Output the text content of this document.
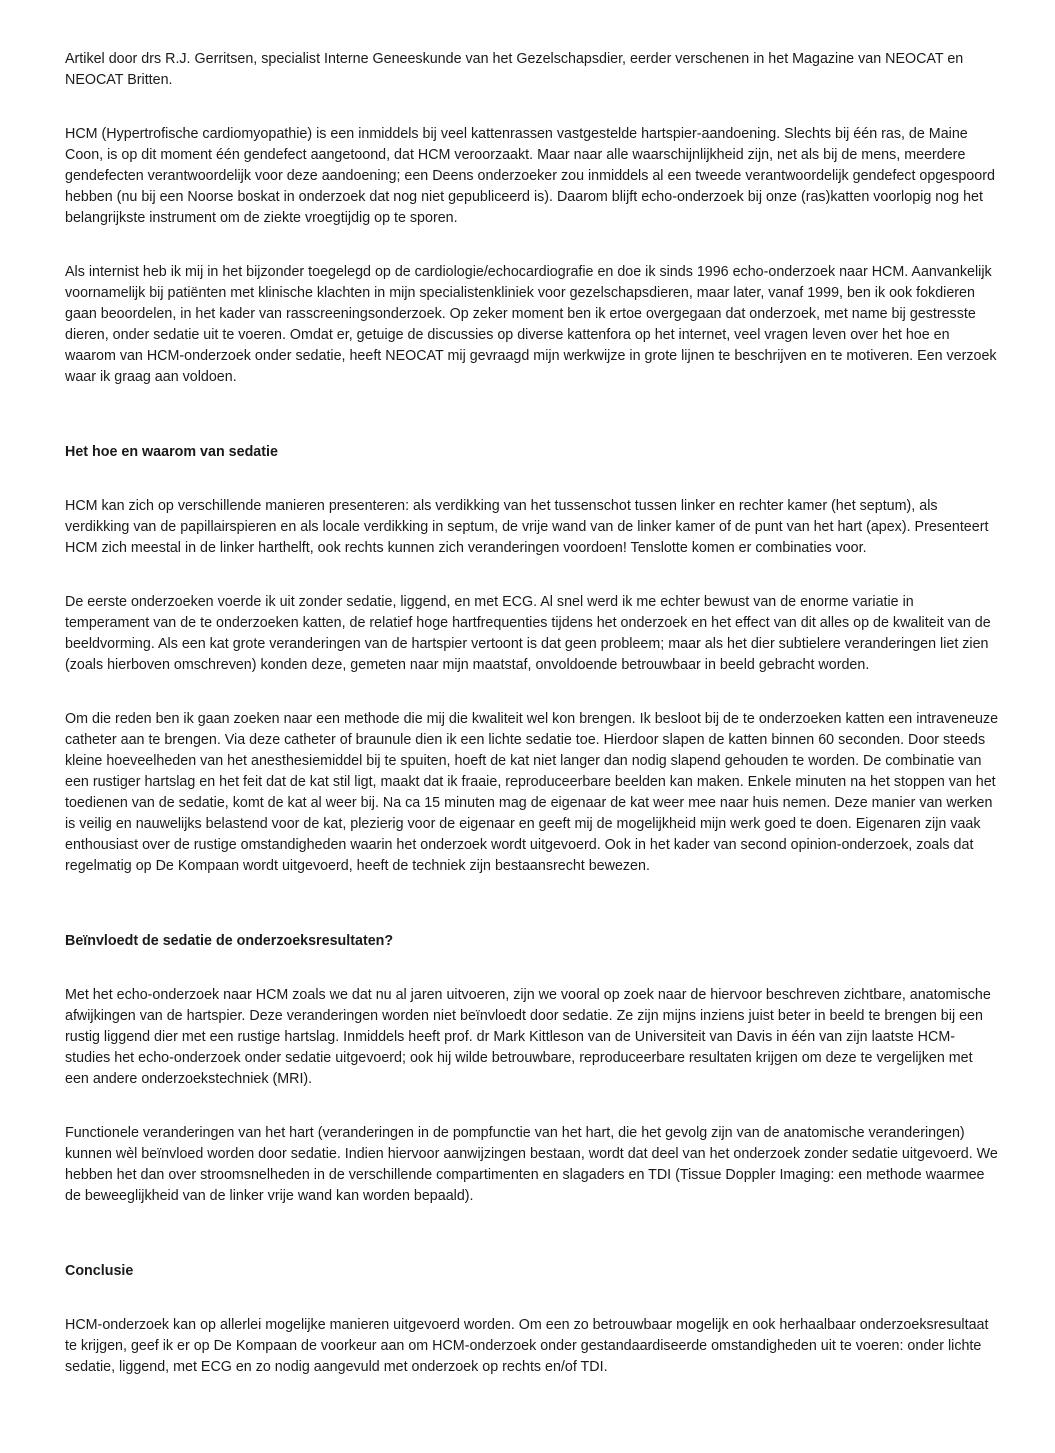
Artikel door drs R.J. Gerritsen, specialist Interne Geneeskunde van het Gezelschapsdier, eerder verschenen in het Magazine van NEOCAT en NEOCAT Britten.

HCM (Hypertrofische cardiomyopathie) is een inmiddels bij veel kattenrassen vastgestelde hartspier-aandoening. Slechts bij één ras, de Maine Coon, is op dit moment één gendefect aangetoond, dat HCM veroorzaakt. Maar naar alle waarschijnlijkheid zijn, net als bij de mens, meerdere gendefecten verantwoordelijk voor deze aandoening; een Deens onderzoeker zou inmiddels al een tweede verantwoordelijk gendefect opgespoord hebben (nu bij een Noorse boskat in onderzoek dat nog niet gepubliceerd is). Daarom blijft echo-onderzoek bij onze (ras)katten voorlopig nog het belangrijkste instrument om de ziekte vroegtijdig op te sporen.

Als internist heb ik mij in het bijzonder toegelegd op de cardiologie/echocardiografie en doe ik sinds 1996 echo-onderzoek naar HCM. Aanvankelijk voornamelijk bij patiënten met klinische klachten in mijn specialistenkliniek voor gezelschapsdieren, maar later, vanaf 1999, ben ik ook fokdieren gaan beoordelen, in het kader van rasscreeningsonderzoek. Op zeker moment ben ik ertoe overgegaan dat onderzoek, met name bij gestresste dieren, onder sedatie uit te voeren. Omdat er, getuige de discussies op diverse kattenfora op het internet, veel vragen leven over het hoe en waarom van HCM-onderzoek onder sedatie, heeft NEOCAT mij gevraagd mijn werkwijze in grote lijnen te beschrijven en te motiveren. Een verzoek waar ik graag aan voldoen.

Het hoe en waarom van sedatie

HCM kan zich op verschillende manieren presenteren: als verdikking van het tussenschot tussen linker en rechter kamer (het septum), als verdikking van de papillairspieren en als locale verdikking in septum, de vrije wand van de linker kamer of de punt van het hart (apex). Presenteert HCM zich meestal in de linker harthelft, ook rechts kunnen zich veranderingen voordoen! Tenslotte komen er combinaties voor.

De eerste onderzoeken voerde ik uit zonder sedatie, liggend, en met ECG. Al snel werd ik me echter bewust van de enorme variatie in temperament van de te onderzoeken katten, de relatief hoge hartfrequenties tijdens het onderzoek en het effect van dit alles op de kwaliteit van de beeldvorming. Als een kat grote veranderingen van de hartspier vertoont is dat geen probleem; maar als het dier subtielere veranderingen liet zien (zoals hierboven omschreven) konden deze, gemeten naar mijn maatstaf, onvoldoende betrouwbaar in beeld gebracht worden.

Om die reden ben ik gaan zoeken naar een methode die mij die kwaliteit wel kon brengen. Ik besloot bij de te onderzoeken katten een intraveneuze catheter aan te brengen. Via deze catheter of braunule dien ik een lichte sedatie toe. Hierdoor slapen de katten binnen 60 seconden. Door steeds kleine hoeveelheden van het anesthesiemiddel bij te spuiten, hoeft de kat niet langer dan nodig slapend gehouden te worden. De combinatie van een rustiger hartslag en het feit dat de kat stil ligt, maakt dat ik fraaie, reproduceerbare beelden kan maken. Enkele minuten na het stoppen van het toedienen van de sedatie, komt de kat al weer bij. Na ca 15 minuten mag de eigenaar de kat weer mee naar huis nemen. Deze manier van werken is veilig en nauwelijks belastend voor de kat, plezierig voor de eigenaar en geeft mij de mogelijkheid mijn werk goed te doen. Eigenaren zijn vaak enthousiast over de rustige omstandigheden waarin het onderzoek wordt uitgevoerd. Ook in het kader van second opinion-onderzoek, zoals dat regelmatig op De Kompaan wordt uitgevoerd, heeft de techniek zijn bestaansrecht bewezen.

Beïnvloedt de sedatie de onderzoeksresultaten?

Met het echo-onderzoek naar HCM zoals we dat nu al jaren uitvoeren, zijn we vooral op zoek naar de hiervoor beschreven zichtbare, anatomische afwijkingen van de hartspier. Deze veranderingen worden niet beïnvloedt door sedatie. Ze zijn mijns inziens juist beter in beeld te brengen bij een rustig liggend dier met een rustige hartslag. Inmiddels heeft prof. dr Mark Kittleson van de Universiteit van Davis in één van zijn laatste HCM-studies het echo-onderzoek onder sedatie uitgevoerd; ook hij wilde betrouwbare, reproduceerbare resultaten krijgen om deze te vergelijken met een andere onderzoekstechniek (MRI).

Functionele veranderingen van het hart (veranderingen in de pompfunctie van het hart, die het gevolg zijn van de anatomische veranderingen) kunnen wèl beïnvloed worden door sedatie. Indien hiervoor aanwijzingen bestaan, wordt dat deel van het onderzoek zonder sedatie uitgevoerd. We hebben het dan over stroomsnelheden in de verschillende compartimenten en slagaders en TDI (Tissue Doppler Imaging: een methode waarmee de beweeglijkheid van de linker vrije wand kan worden bepaald).

Conclusie

HCM-onderzoek kan op allerlei mogelijke manieren uitgevoerd worden. Om een zo betrouwbaar mogelijk en ook herhaalbaar onderzoeksresultaat te krijgen, geef ik er op De Kompaan de voorkeur aan om HCM-onderzoek onder gestandaardiseerde omstandigheden uit te voeren: onder lichte sedatie, liggend, met ECG en zo nodig aangevuld met onderzoek op rechts en/of TDI.
